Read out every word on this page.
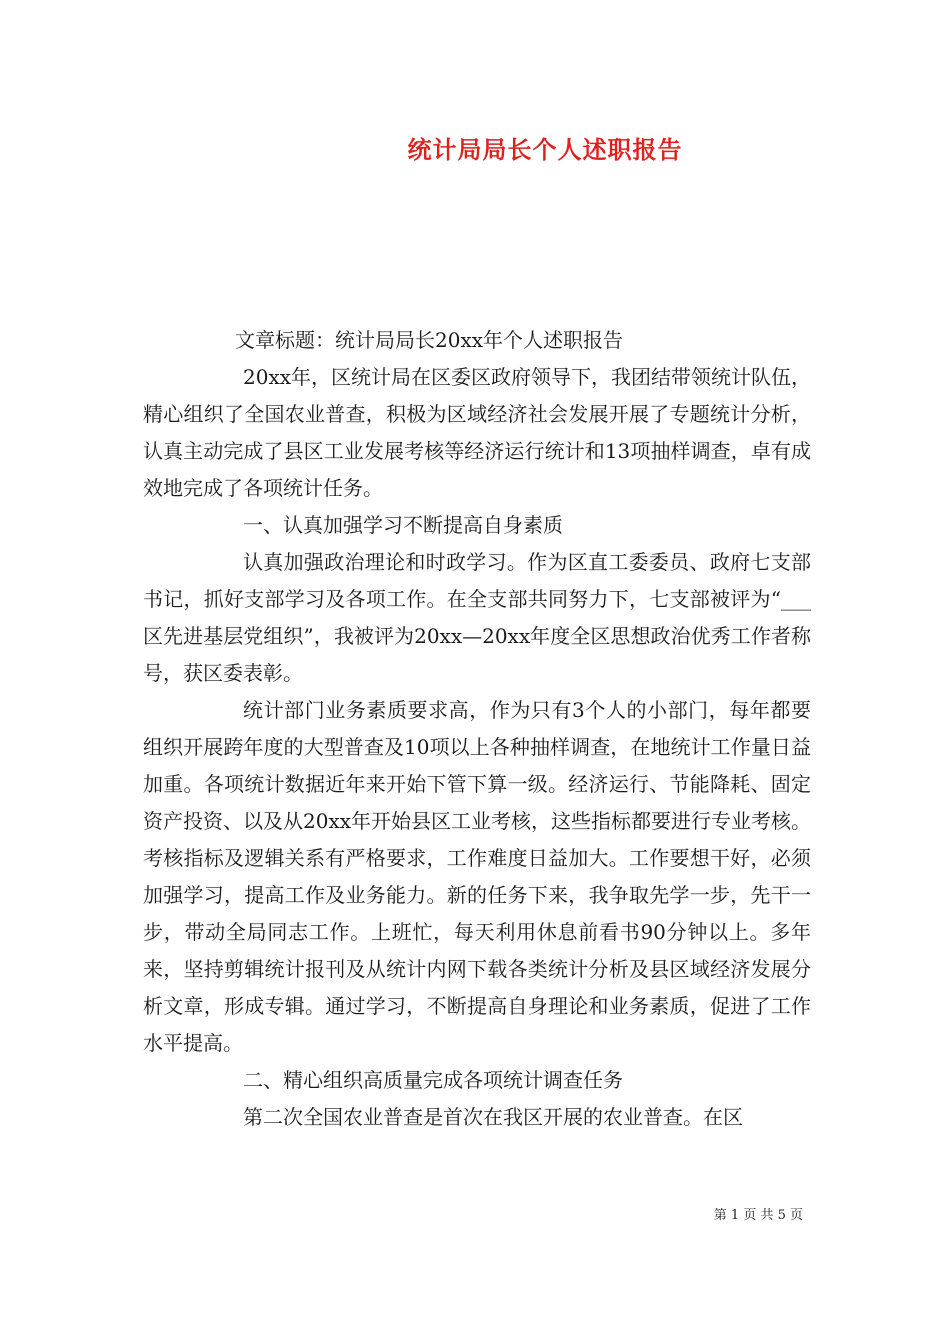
统计局局长个人述职报告

文章标题：统计局局长20xx年个人述职报告

20xx年，区统计局在区委区政府领导下，我团结带领统计队伍，精心组织了全国农业普查，积极为区域经济社会发展开展了专题统计分析，认真主动完成了县区工业发展考核等经济运行统计和13项抽样调查，卓有成效地完成了各项统计任务。

一、认真加强学习不断提高自身素质

认真加强政治理论和时政学习。作为区直工委委员、政府七支部书记，抓好支部学习及各项工作。在全支部共同努力下，七支部被评为“___区先进基层党组织”，我被评为20xx—20xx年度全区思想政治优秀工作者称号，获区委表彰。

统计部门业务素质要求高，作为只有3个人的小部门，每年都要组织开展跨年度的大型普查及10项以上各种抽样调查，在地统计工作量日益加重。各项统计数据近年来开始下管下算一级。经济运行、节能降耗、固定资产投资、以及从20xx年开始县区工业考核，这些指标都要进行专业考核。考核指标及逻辑关系有严格要求，工作难度日益加大。工作要想干好，必须加强学习，提高工作及业务能力。新的任务下来，我争取先学一步，先干一步，带动全局同志工作。上班忙，每天利用休息前看书90分钟以上。多年来，坚持剪辑统计报刊及从统计内网下载各类统计分析及县区域经济发展分析文章，形成专辑。通过学习，不断提高自身理论和业务素质，促进了工作水平提高。

二、精心组织高质量完成各项统计调查任务

第二次全国农业普查是首次在我区开展的农业普查。在区

第 1 页 共 5 页
